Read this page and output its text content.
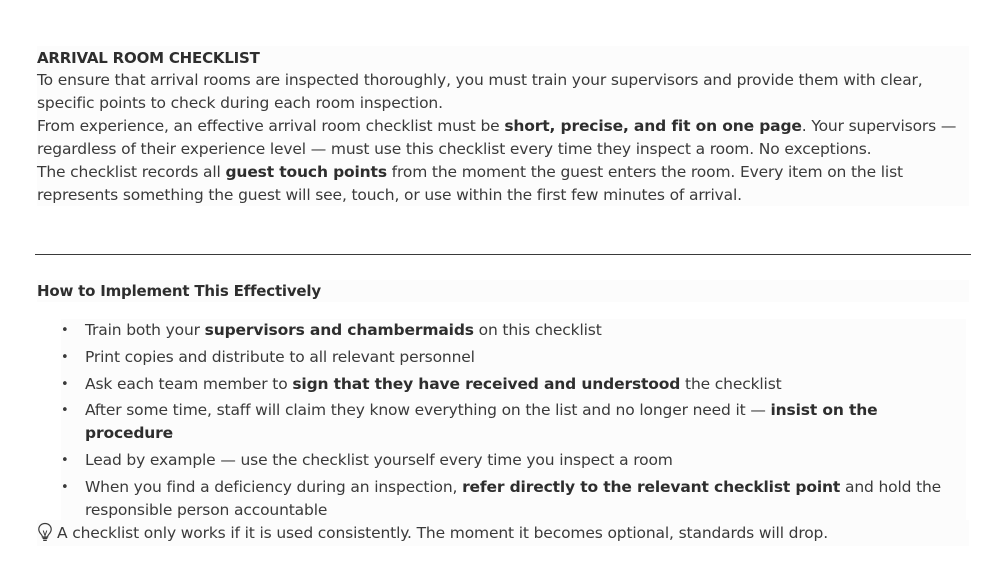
ARRIVAL ROOM CHECKLIST
To ensure that arrival rooms are inspected thoroughly, you must train your supervisors and provide them with clear, specific points to check during each room inspection.
From experience, an effective arrival room checklist must be short, precise, and fit on one page. Your supervisors — regardless of their experience level — must use this checklist every time they inspect a room. No exceptions.
The checklist records all guest touch points from the moment the guest enters the room. Every item on the list represents something the guest will see, touch, or use within the first few minutes of arrival.
How to Implement This Effectively
• Train both your supervisors and chambermaids on this checklist
• Print copies and distribute to all relevant personnel
• Ask each team member to sign that they have received and understood the checklist
• After some time, staff will claim they know everything on the list and no longer need it — insist on the procedure
• Lead by example — use the checklist yourself every time you inspect a room
• When you find a deficiency during an inspection, refer directly to the relevant checklist point and hold the responsible person accountable
A checklist only works if it is used consistently. The moment it becomes optional, standards will drop.
